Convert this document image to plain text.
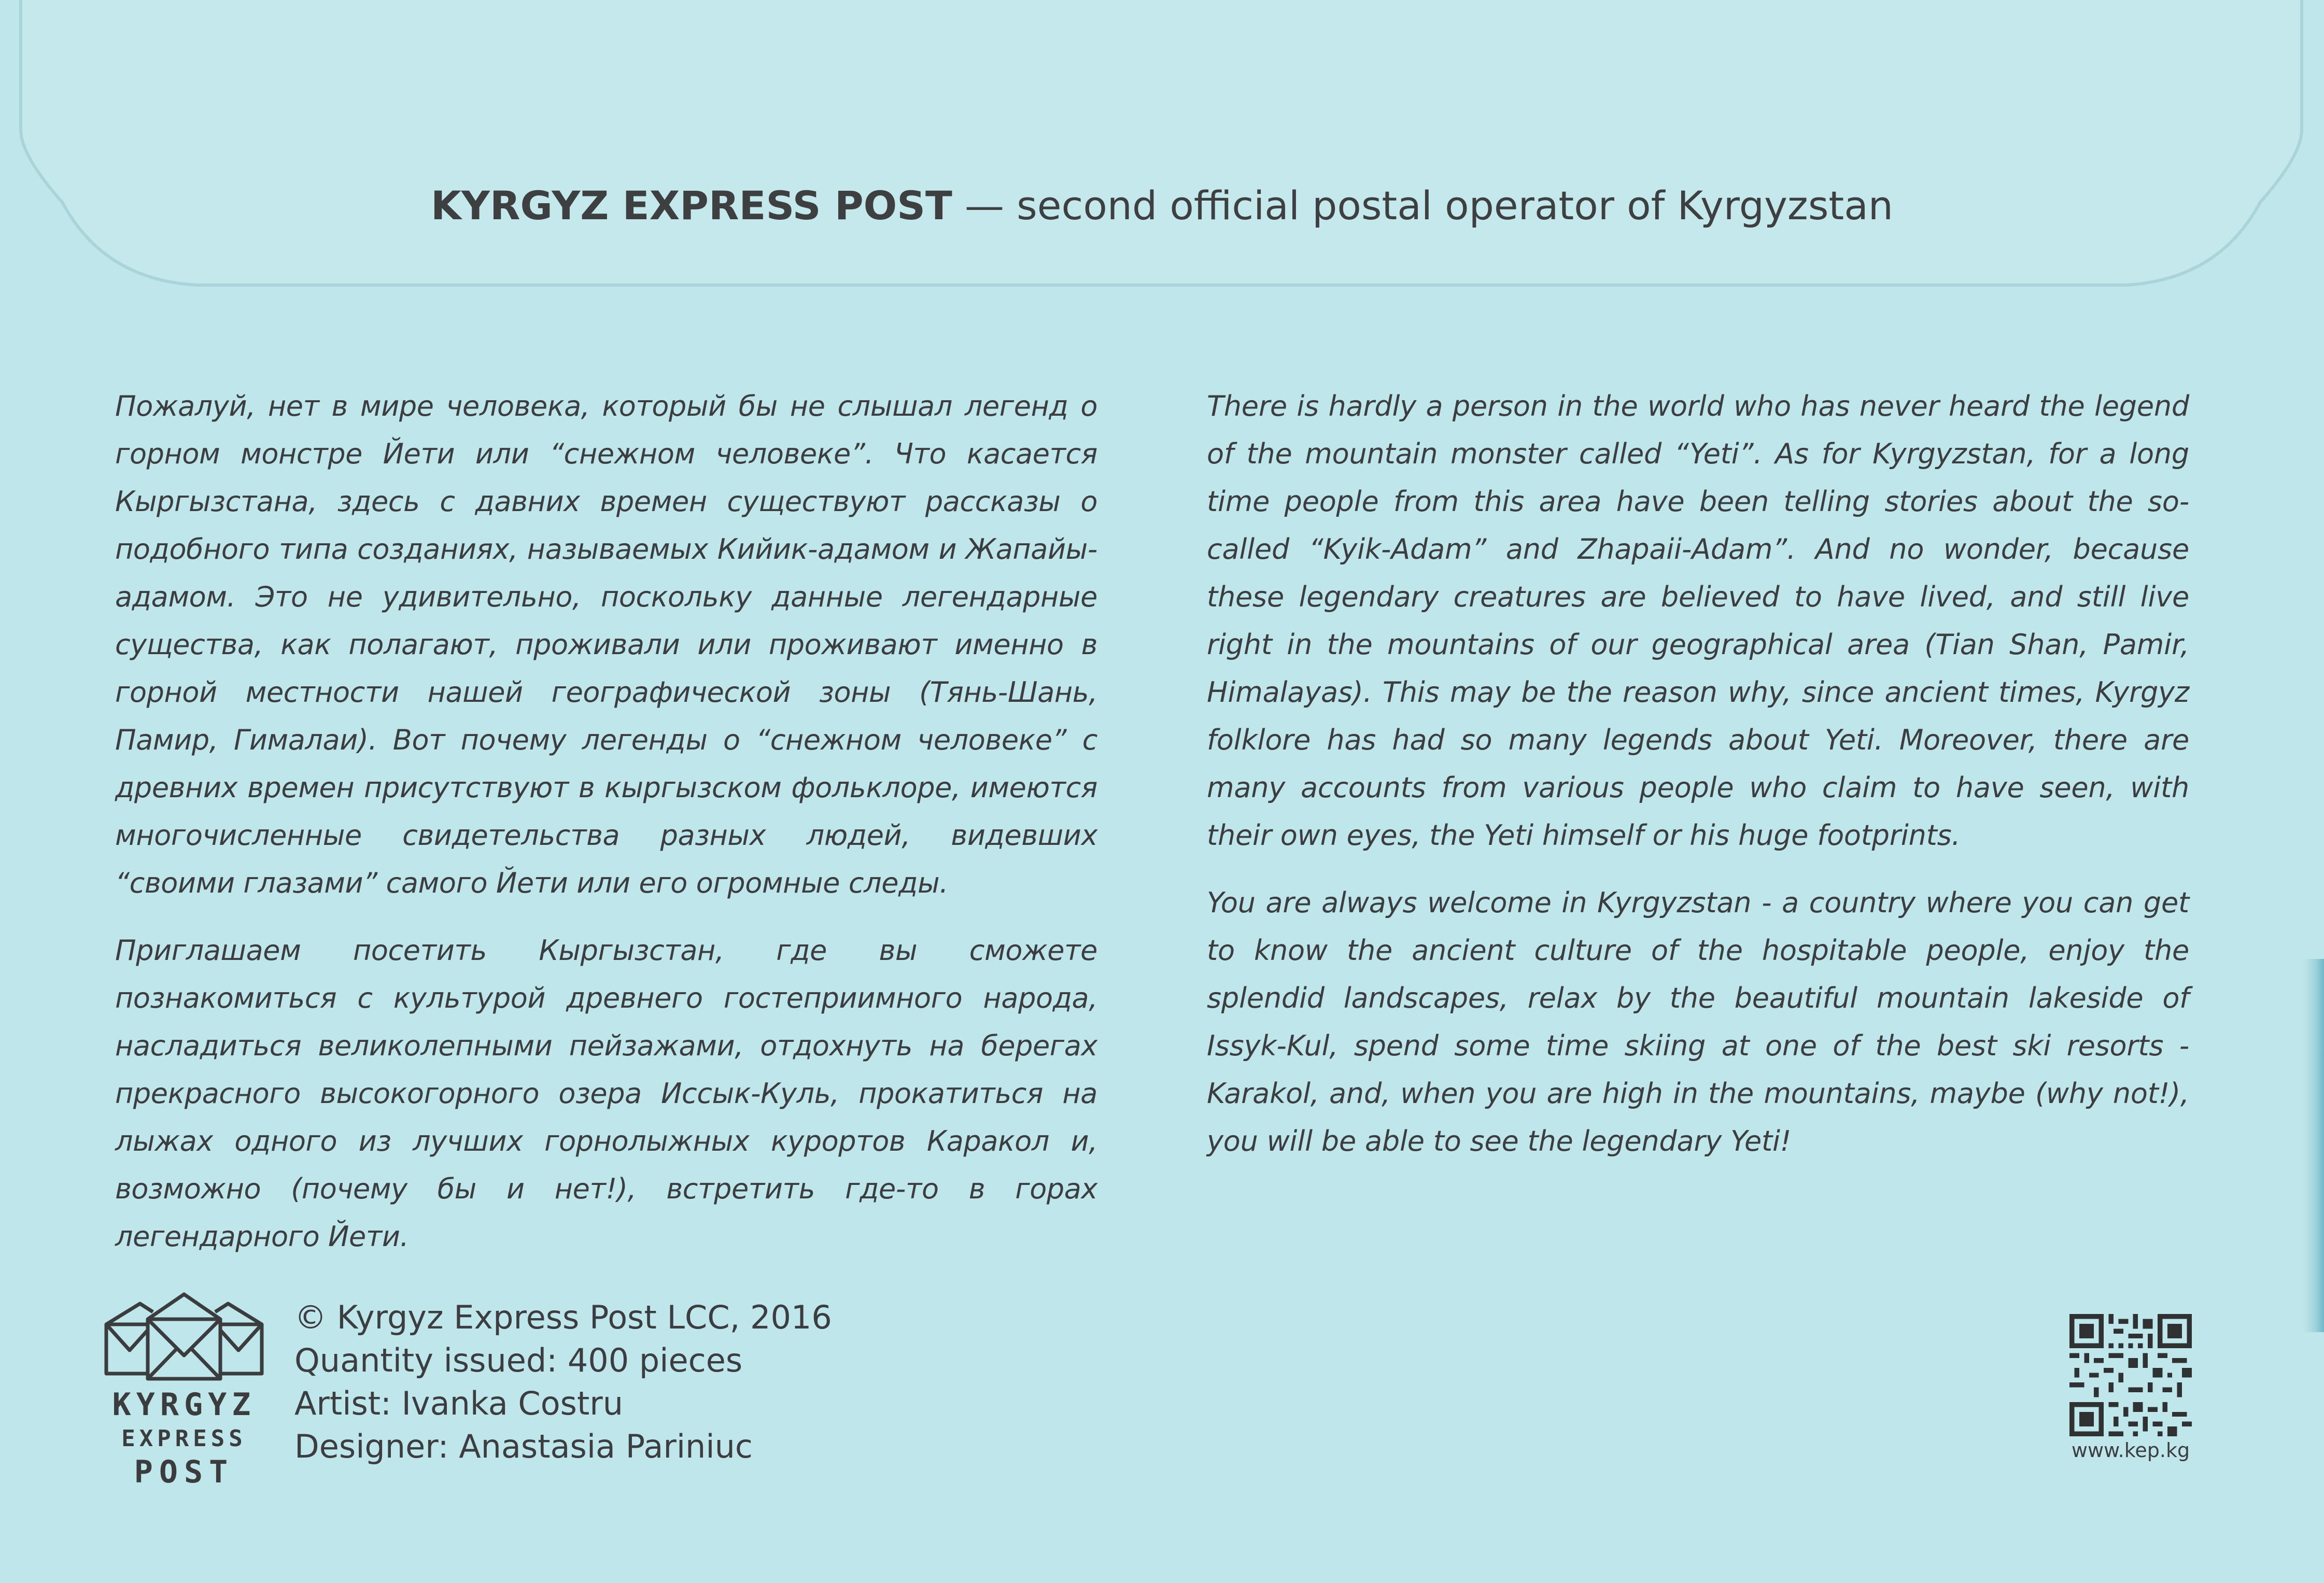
KYRGYZ EXPRESS POST — second official postal operator of Kyrgyzstan

Пожалуй, нет в мире человека, который бы не слышал легенд о горном монстре Йети или “снежном человеке”. Что касается Кыргызстана, здесь с давних времен существуют рассказы о подобного типа созданиях, называемых Кийик-адамом и Жапайы-адамом. Это не удивительно, поскольку данные легендарные существа, как полагают, проживали или проживают именно в горной местности нашей географической зоны (Тянь-Шань, Памир, Гималаи). Вот почему легенды о “снежном человеке” с древних времен присутствуют в кыргызском фольклоре, имеются многочисленные свидетельства разных людей, видевших “своими глазами” самого Йети или его огромные следы.

Приглашаем посетить Кыргызстан, где вы сможете познакомиться с культурой древнего гостеприимного народа, насладиться великолепными пейзажами, отдохнуть на берегах прекрасного высокогорного озера Иссык-Куль, прокатиться на лыжах одного из лучших горнолыжных курортов Каракол и, возможно (почему бы и нет!), встретить где-то в горах легендарного Йети.

There is hardly a person in the world who has never heard the legend of the mountain monster called “Yeti”. As for Kyrgyzstan, for a long time people from this area have been telling stories about the so-called “Kyik-Adam” and Zhapaii-Adam”. And no wonder, because these legendary creatures are believed to have lived, and still live right in the mountains of our geographical area (Tian Shan, Pamir, Himalayas). This may be the reason why, since ancient times, Kyrgyz folklore has had so many legends about Yeti. Moreover, there are many accounts from various people who claim to have seen, with their own eyes, the Yeti himself or his huge footprints.

You are always welcome in Kyrgyzstan - a country where you can get to know the ancient culture of the hospitable people, enjoy the splendid landscapes, relax by the beautiful mountain lakeside of Issyk-Kul, spend some time skiing at one of the best ski resorts - Karakol, and, when you are high in the mountains, maybe (why not!), you will be able to see the legendary Yeti!

KYRGYZ
EXPRESS
POST
© Kyrgyz Express Post LCC, 2016
Quantity issued: 400 pieces
Artist: Ivanka Costru
Designer: Anastasia Pariniuc	www.kep.kg
